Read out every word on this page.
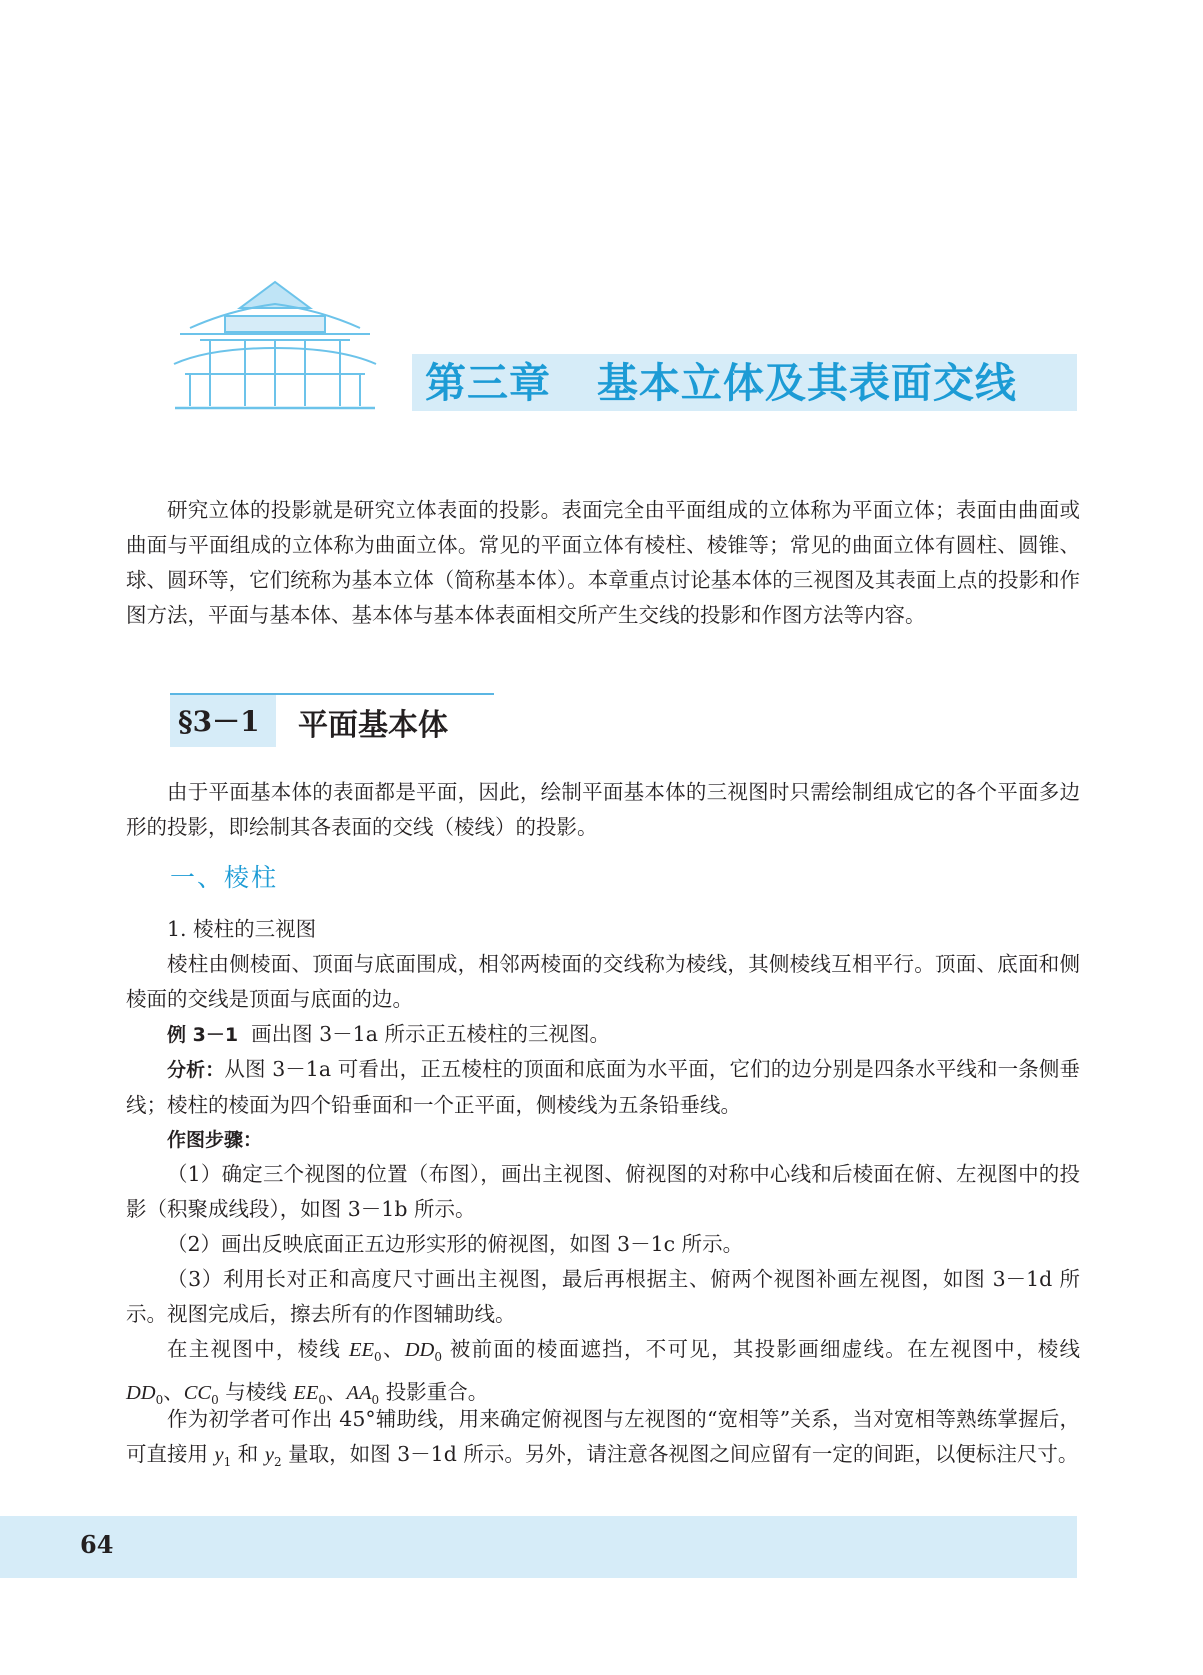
第三章   基本立体及其表面交线

研究立体的投影就是研究立体表面的投影。表面完全由平面组成的立体称为平面立体；表面由曲面或曲面与平面组成的立体称为曲面立体。常见的平面立体有棱柱、棱锥等；常见的曲面立体有圆柱、圆锥、球、圆环等，它们统称为基本立体（简称基本体）。本章重点讨论基本体的三视图及其表面上点的投影和作图方法，平面与基本体、基本体与基本体表面相交所产生交线的投影和作图方法等内容。

§3－1 平面基本体

由于平面基本体的表面都是平面，因此，绘制平面基本体的三视图时只需绘制组成它的各个平面多边形的投影，即绘制其各表面的交线（棱线）的投影。

一、棱柱

1. 棱柱的三视图

棱柱由侧棱面、顶面与底面围成，相邻两棱面的交线称为棱线，其侧棱线互相平行。顶面、底面和侧棱面的交线是顶面与底面的边。

例 3－1 画出图 3－1a 所示正五棱柱的三视图。

分析：从图 3－1a 可看出，正五棱柱的顶面和底面为水平面，它们的边分别是四条水平线和一条侧垂线；棱柱的棱面为四个铅垂面和一个正平面，侧棱线为五条铅垂线。

作图步骤：

（1）确定三个视图的位置（布图），画出主视图、俯视图的对称中心线和后棱面在俯、左视图中的投影（积聚成线段），如图 3－1b 所示。

（2）画出反映底面正五边形实形的俯视图，如图 3－1c 所示。

（3）利用长对正和高度尺寸画出主视图，最后再根据主、俯两个视图补画左视图，如图 3－1d 所示。视图完成后，擦去所有的作图辅助线。

在主视图中，棱线 $EE_0$、$DD_0$ 被前面的棱面遮挡，不可见，其投影画细虚线。在左视图中，棱线 $DD_0$、$CC_0$ 与棱线 $EE_0$、$AA_0$ 投影重合。

作为初学者可作出 45°辅助线，用来确定俯视图与左视图的“宽相等”关系，当对宽相等熟练掌握后，可直接用 $y_1$ 和 $y_2$ 量取，如图 3－1d 所示。另外，请注意各视图之间应留有一定的间距，以便标注尺寸。

64
